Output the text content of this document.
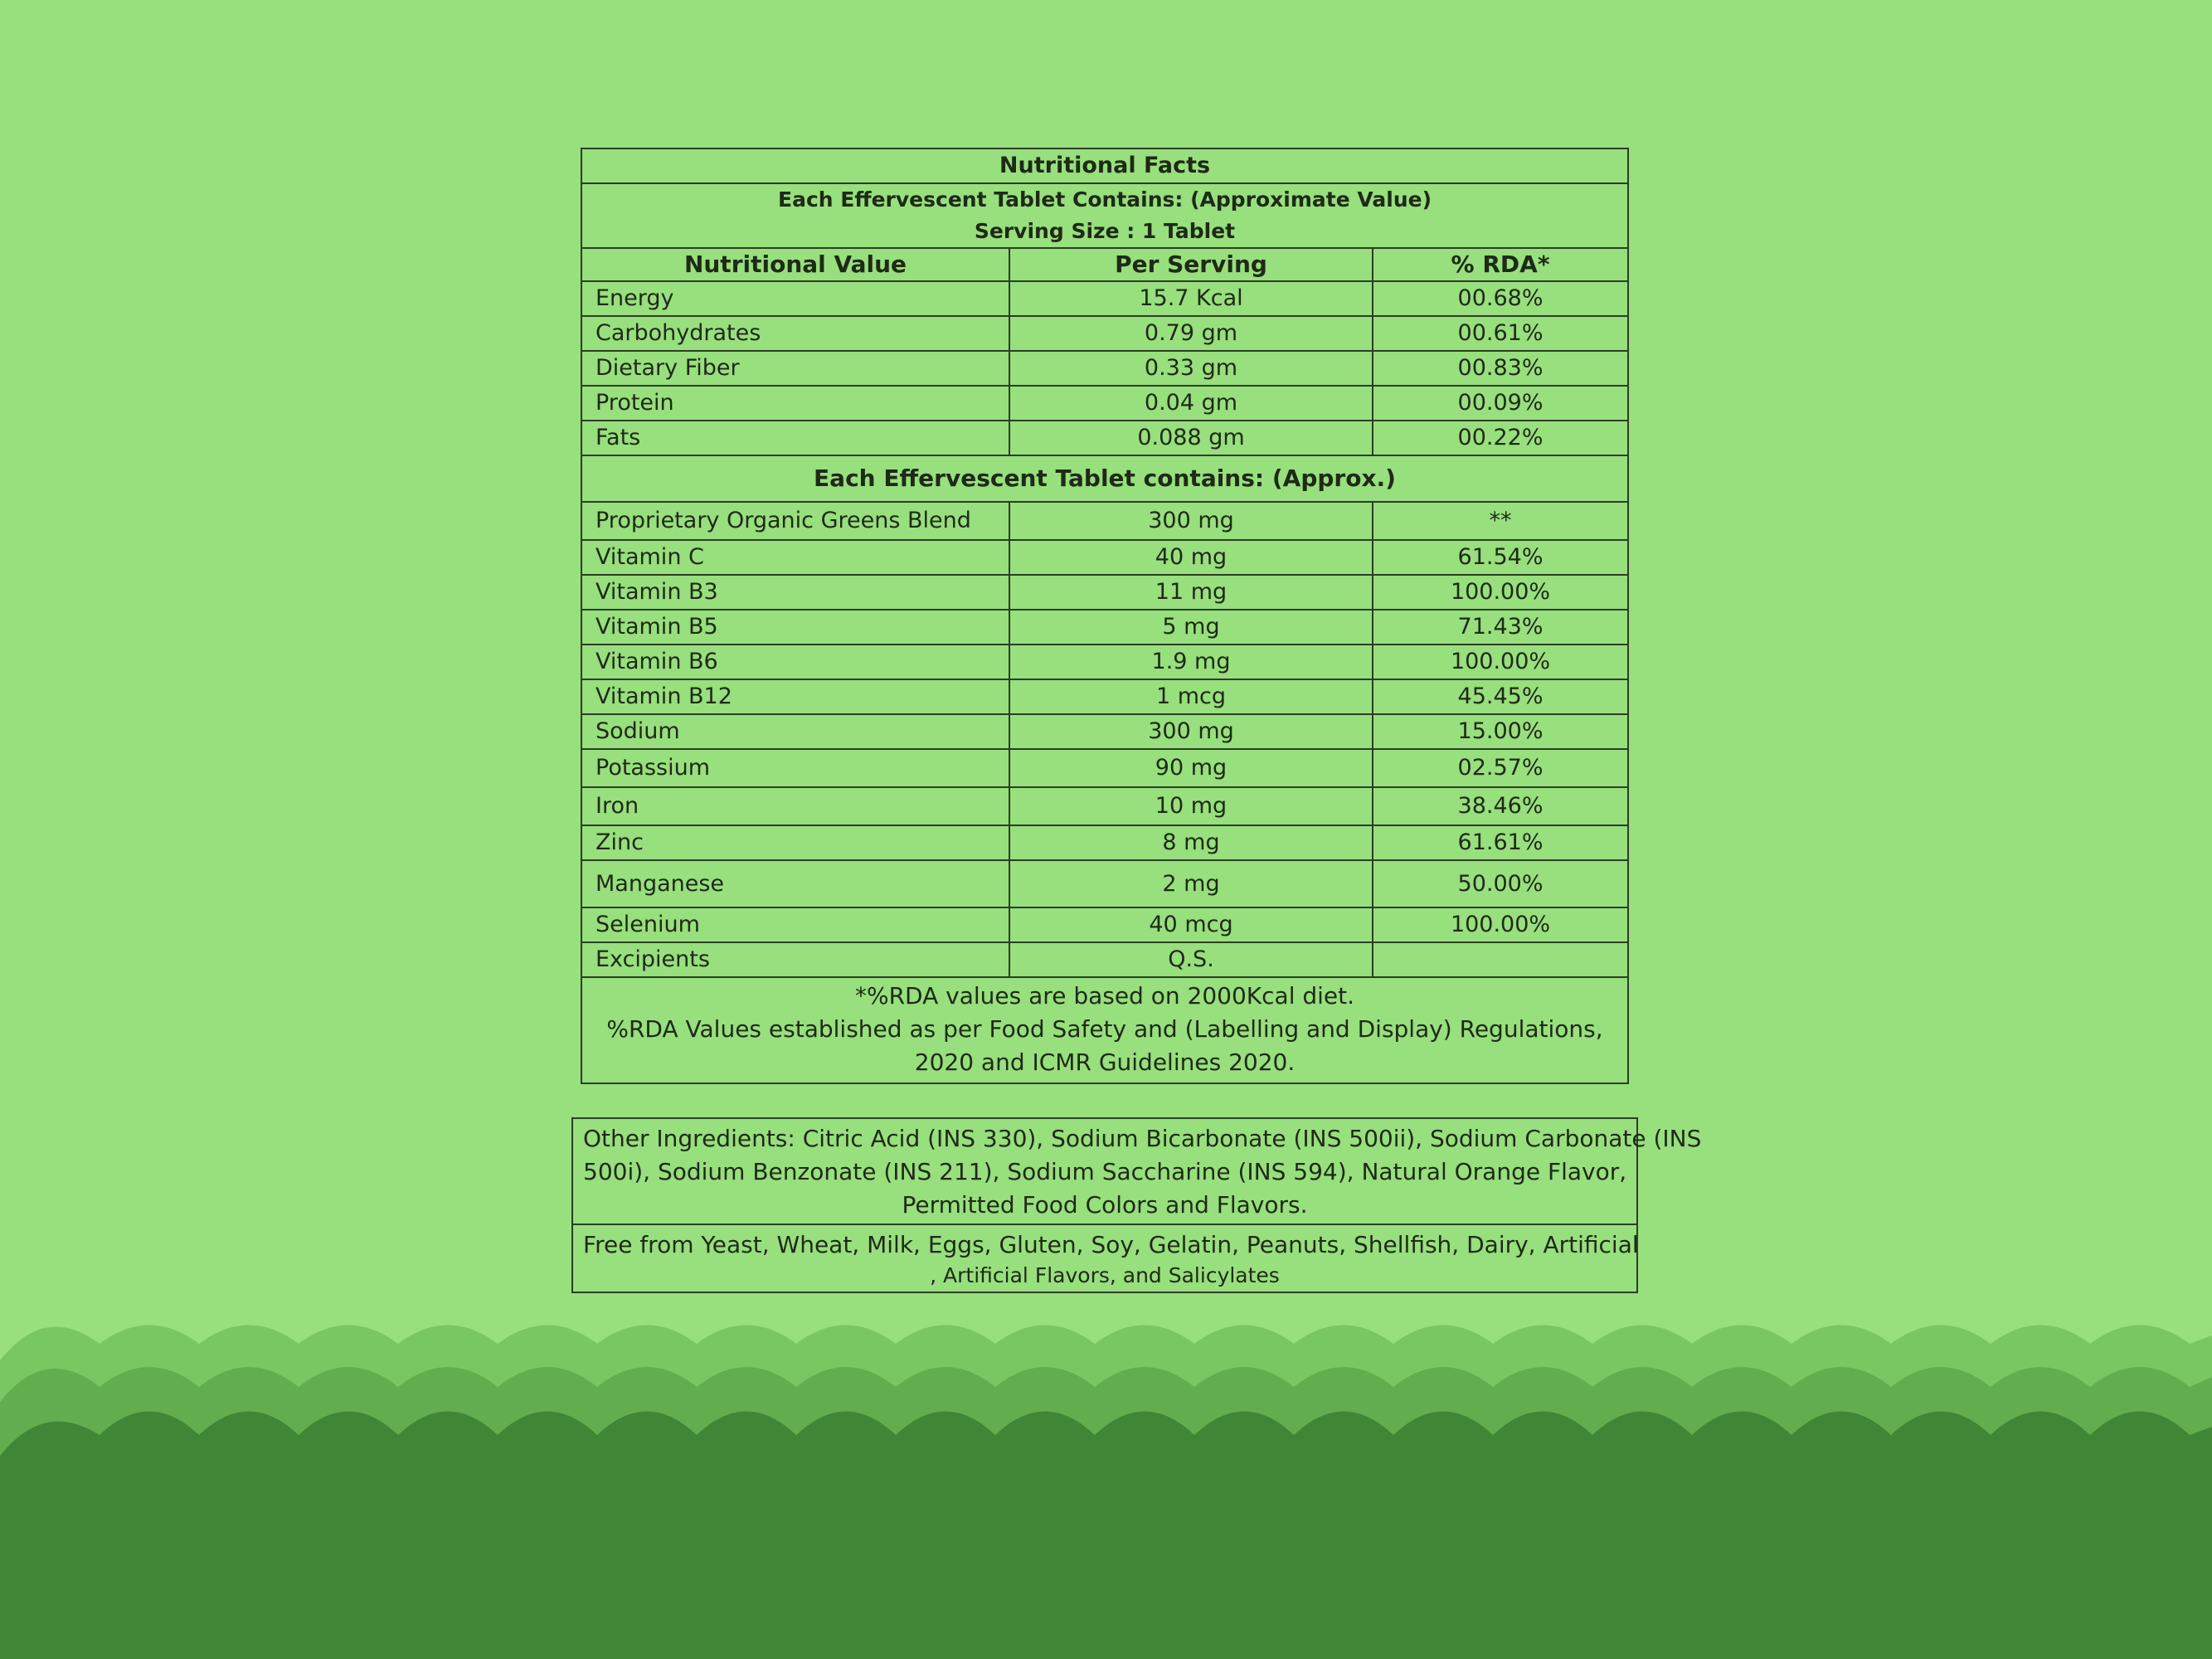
Nutritional Facts		

Each Effervescent Tablet Contains: (Approximate Value)
Serving Size : 1 Tablet		

Nutritional Value	Per Serving	% RDA*
Energy	15.7 Kcal	00.68%
Carbohydrates	0.79 gm	00.61%
Dietary Fiber	0.33 gm	00.83%
Protein	0.04 gm	00.09%
Fats	0.088 gm	00.22%
Each Effervescent Tablet contains: (Approx.)		
Proprietary Organic Greens Blend	300 mg	**
Vitamin C	40 mg	61.54%
Vitamin B3	11 mg	100.00%
Vitamin B5	5 mg	71.43%
Vitamin B6	1.9 mg	100.00%
Vitamin B12	1 mcg	45.45%
Sodium	300 mg	15.00%
Potassium	90 mg	02.57%
Iron	10 mg	38.46%
Zinc	8 mg	61.61%
Manganese	2 mg	50.00%
Selenium	40 mcg	100.00%
Excipients	Q.S.	

*%RDA values are based on 2000Kcal diet.
%RDA Values established as per Food Safety and (Labelling and Display) Regulations,
2020 and ICMR Guidelines 2020.		
Other Ingredients: Citric Acid (INS 330), Sodium Bicarbonate (INS 500ii), Sodium Carbonate (INS
500i), Sodium Benzonate (INS 211), Sodium Saccharine (INS 594), Natural Orange Flavor,
Permitted Food Colors and Flavors.

Free from Yeast, Wheat, Milk, Eggs, Gluten, Soy, Gelatin, Peanuts, Shellfish, Dairy, Artificial
, Artificial Flavors, and Salicylates
